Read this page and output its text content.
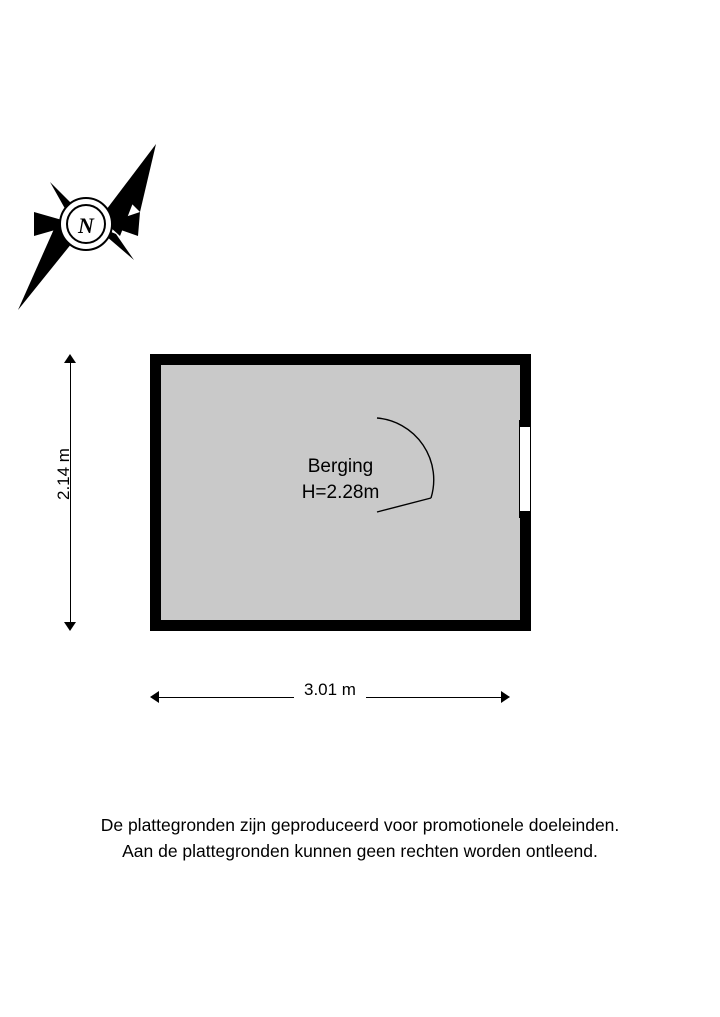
N
Berging
H=2.28m
2.14 m
3.01 m
De plattegronden zijn geproduceerd voor promotionele doeleinden.
Aan de plattegronden kunnen geen rechten worden ontleend.
